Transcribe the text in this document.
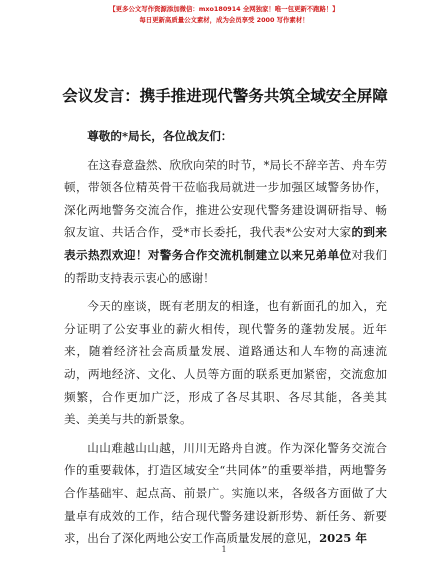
【更多公文写作资源添加微信：mxo180914 全网独家！唯一包更新不跑路！】
每日更新高质量公文素材，成为会员享受 2000 写作素材！
会议发言：携手推进现代警务共筑全域安全屏障

尊敬的*局长，各位战友们：

在这春意盎然、欣欣向荣的时节，*局长不辞辛苦、舟车劳顿，带领各位精英骨干莅临我局就进一步加强区域警务协作，深化两地警务交流合作，推进公安现代警务建设调研指导、畅叙友谊、共话合作，受*市长委托，我代表*公安对大家的到来表示热烈欢迎！对警务合作交流机制建立以来兄弟单位对我们的帮助支持表示衷心的感谢！

今天的座谈，既有老朋友的相逢，也有新面孔的加入，充分证明了公安事业的薪火相传，现代警务的蓬勃发展。近年来，随着经济社会高质量发展、道路通达和人车物的高速流动，两地经济、文化、人员等方面的联系更加紧密，交流愈加频繁，合作更加广泛，形成了各尽其职、各尽其能，各美其美、美美与共的新景象。

山山难越山山越，川川无路舟自渡。作为深化警务交流合作的重要载体，打造区域安全“共同体”的重要举措，两地警务合作基础牢、起点高、前景广。实施以来，各级各方面做了大量卓有成效的工作，结合现代警务建设新形势、新任务、新要求，出台了深化两地公安工作高质量发展的意见，2025 年

1
